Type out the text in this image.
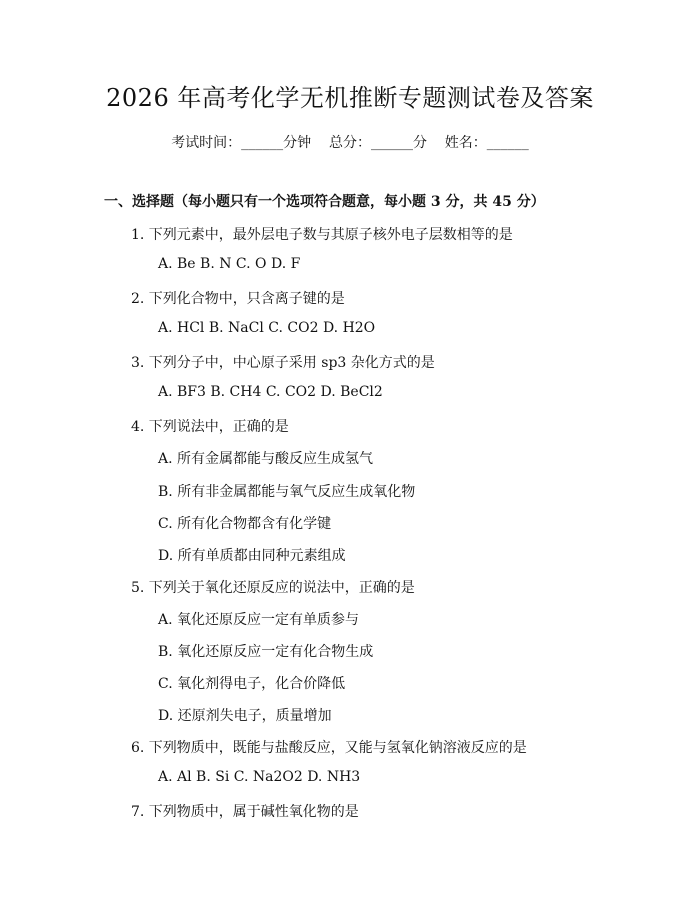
2026 年高考化学无机推断专题测试卷及答案
考试时间：______分钟    总分：______分    姓名：______
一、选择题（每小题只有一个选项符合题意，每小题 3 分，共 45 分）
1. 下列元素中，最外层电子数与其原子核外电子层数相等的是
A. Be B. N C. O D. F
2. 下列化合物中，只含离子键的是
A. HCl B. NaCl C. CO2 D. H2O
3. 下列分子中，中心原子采用 sp3 杂化方式的是
A. BF3 B. CH4 C. CO2 D. BeCl2
4. 下列说法中，正确的是
A. 所有金属都能与酸反应生成氢气
B. 所有非金属都能与氧气反应生成氧化物
C. 所有化合物都含有化学键
D. 所有单质都由同种元素组成
5. 下列关于氧化还原反应的说法中，正确的是
A. 氧化还原反应一定有单质参与
B. 氧化还原反应一定有化合物生成
C. 氧化剂得电子，化合价降低
D. 还原剂失电子，质量增加
6. 下列物质中，既能与盐酸反应，又能与氢氧化钠溶液反应的是
A. Al B. Si C. Na2O2 D. NH3
7. 下列物质中，属于碱性氧化物的是
